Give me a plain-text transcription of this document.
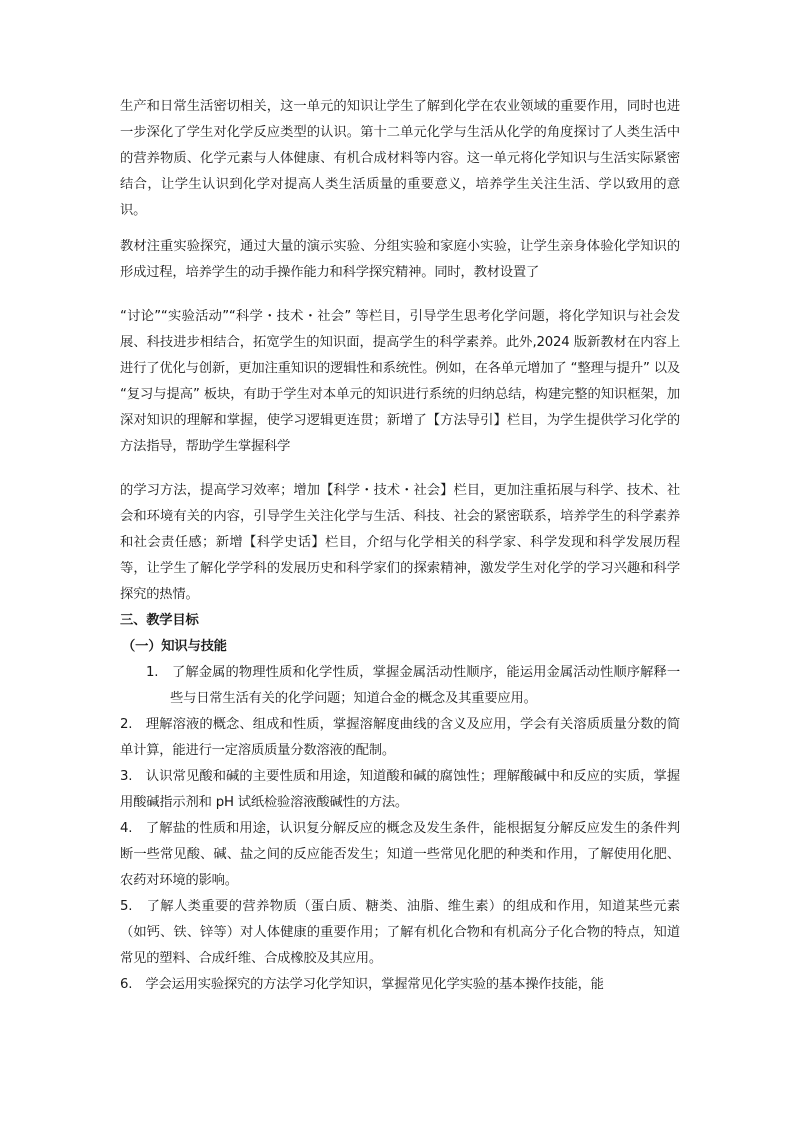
生产和日常生活密切相关，这一单元的知识让学生了解到化学在农业领域的重要作用，同时也进一步深化了学生对化学反应类型的认识。第十二单元化学与生活从化学的角度探讨了人类生活中的营养物质、化学元素与人体健康、有机合成材料等内容。这一单元将化学知识与生活实际紧密结合，让学生认识到化学对提高人类生活质量的重要意义，培养学生关注生活、学以致用的意识。

教材注重实验探究，通过大量的演示实验、分组实验和家庭小实验，让学生亲身体验化学知识的形成过程，培养学生的动手操作能力和科学探究精神。同时，教材设置了

“讨论”“实验活动”“科学・技术・社会” 等栏目，引导学生思考化学问题，将化学知识与社会发展、科技进步相结合，拓宽学生的知识面，提高学生的科学素养。此外,2024 版新教材在内容上进行了优化与创新，更加注重知识的逻辑性和系统性。例如，在各单元增加了 “整理与提升” 以及 “复习与提高” 板块，有助于学生对本单元的知识进行系统的归纳总结，构建完整的知识框架，加深对知识的理解和掌握，使学习逻辑更连贯；新增了【方法导引】栏目，为学生提供学习化学的方法指导，帮助学生掌握科学

的学习方法，提高学习效率；增加【科学・技术・社会】栏目，更加注重拓展与科学、技术、社会和环境有关的内容，引导学生关注化学与生活、科技、社会的紧密联系，培养学生的科学素养和社会责任感；新增【科学史话】栏目，介绍与化学相关的科学家、科学发现和科学发展历程等，让学生了解化学学科的发展历史和科学家们的探索精神，激发学生对化学的学习兴趣和科学探究的热情。

三、教学目标

（一）知识与技能

1.　了解金属的物理性质和化学性质，掌握金属活动性顺序，能运用金属活动性顺序解释一些与日常生活有关的化学问题；知道合金的概念及其重要应用。

2.　理解溶液的概念、组成和性质，掌握溶解度曲线的含义及应用，学会有关溶质质量分数的简单计算，能进行一定溶质质量分数溶液的配制。

3.　认识常见酸和碱的主要性质和用途，知道酸和碱的腐蚀性；理解酸碱中和反应的实质，掌握用酸碱指示剂和 pH 试纸检验溶液酸碱性的方法。

4.　了解盐的性质和用途，认识复分解反应的概念及发生条件，能根据复分解反应发生的条件判断一些常见酸、碱、盐之间的反应能否发生；知道一些常见化肥的种类和作用，了解使用化肥、农药对环境的影响。

5.　了解人类重要的营养物质（蛋白质、糖类、油脂、维生素）的组成和作用，知道某些元素（如钙、铁、锌等）对人体健康的重要作用；了解有机化合物和有机高分子化合物的特点，知道常见的塑料、合成纤维、合成橡胶及其应用。

6.　学会运用实验探究的方法学习化学知识，掌握常见化学实验的基本操作技能，能
